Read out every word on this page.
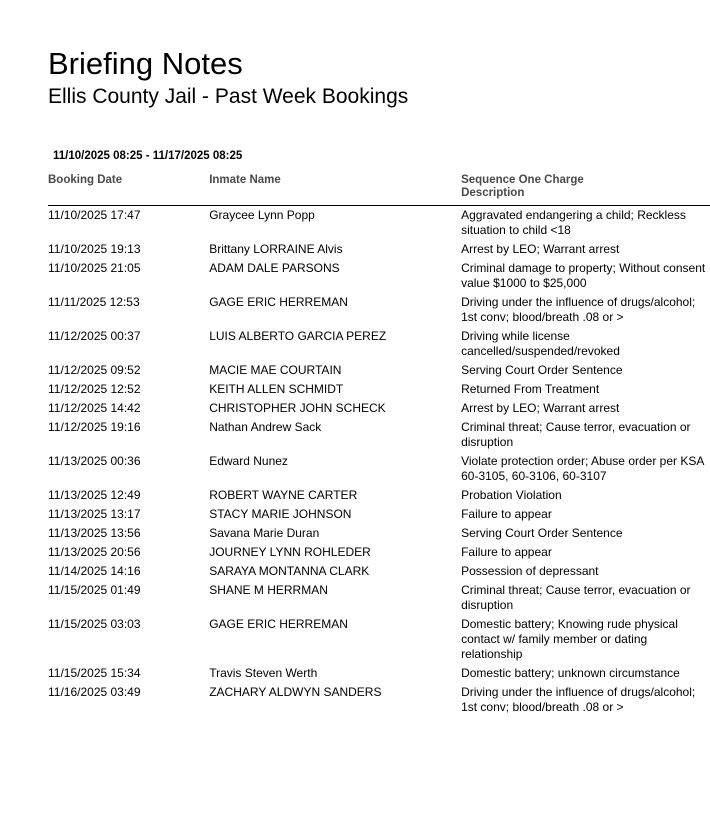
Briefing Notes
Ellis County Jail - Past Week Bookings
11/10/2025 08:25 - 11/17/2025 08:25
Booking Date	Inmate Name	Sequence One Charge
Description

11/10/2025 17:47	Graycee Lynn Popp	Aggravated endangering a child; Reckless situation to child <18
11/10/2025 19:13	Brittany LORRAINE Alvis	Arrest by LEO; Warrant arrest
11/10/2025 21:05	ADAM DALE PARSONS	Criminal damage to property; Without consent value $1000 to $25,000
11/11/2025 12:53	GAGE ERIC HERREMAN	Driving under the influence of drugs/alcohol; 1st conv; blood/breath .08 or >
11/12/2025 00:37	LUIS ALBERTO GARCIA PEREZ	Driving while license cancelled/suspended/revoked
11/12/2025 09:52	MACIE MAE COURTAIN	Serving Court Order Sentence
11/12/2025 12:52	KEITH ALLEN SCHMIDT	Returned From Treatment
11/12/2025 14:42	CHRISTOPHER JOHN SCHECK	Arrest by LEO; Warrant arrest
11/12/2025 19:16	Nathan Andrew Sack	Criminal threat; Cause terror, evacuation or disruption
11/13/2025 00:36	Edward Nunez	Violate protection order; Abuse order per KSA 60-3105, 60-3106, 60-3107
11/13/2025 12:49	ROBERT WAYNE CARTER	Probation Violation
11/13/2025 13:17	STACY MARIE JOHNSON	Failure to appear
11/13/2025 13:56	Savana Marie Duran	Serving Court Order Sentence
11/13/2025 20:56	JOURNEY LYNN ROHLEDER	Failure to appear
11/14/2025 14:16	SARAYA MONTANNA CLARK	Possession of depressant
11/15/2025 01:49	SHANE M HERRMAN	Criminal threat; Cause terror, evacuation or disruption
11/15/2025 03:03	GAGE ERIC HERREMAN	Domestic battery; Knowing rude physical contact w/ family member or dating relationship
11/15/2025 15:34	Travis Steven Werth	Domestic battery; unknown circumstance
11/16/2025 03:49	ZACHARY ALDWYN SANDERS	Driving under the influence of drugs/alcohol; 1st conv; blood/breath .08 or >
